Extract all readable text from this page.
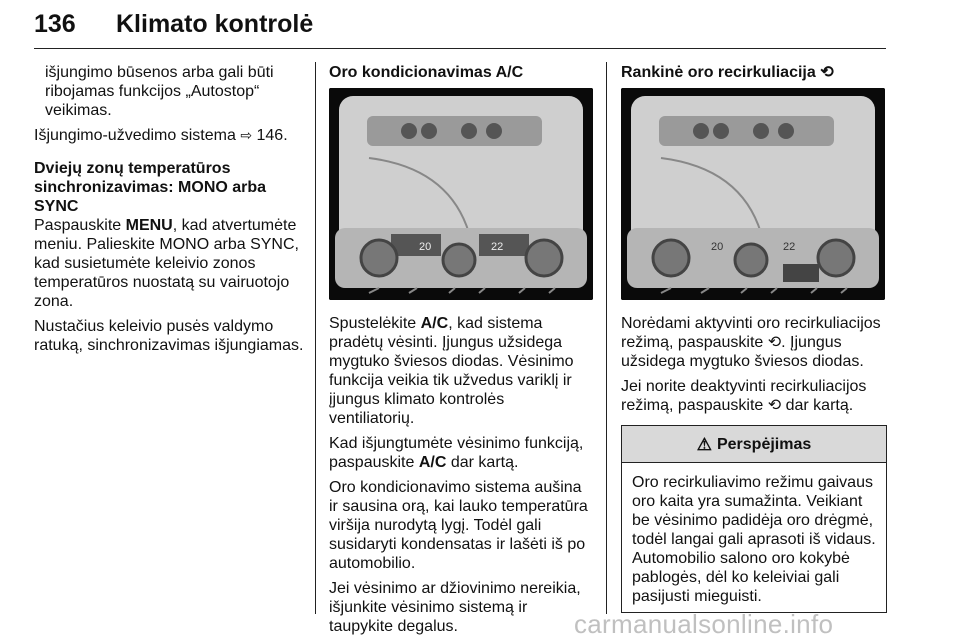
136 Klimato kontrolė

išjungimo būsenos arba gali būti ribojamas funkcijos „Autostop“ veikimas.

Išjungimo-užvedimo sistema ⇨ 146.

Dviejų zonų temperatūros sinchronizavimas: MONO arba SYNC

Paspauskite MENU, kad atvertumėte meniu. Palieskite MONO arba SYNC, kad susietumėte keleivio zonos temperatūros nuostatą su vairuotojo zona.

Nustačius keleivio pusės valdymo ratuką, sinchronizavimas išjungiamas.

Oro kondicionavimas A/C

20	22

Spustelėkite A/C, kad sistema pradėtų vėsinti. Įjungus užsidega mygtuko šviesos diodas. Vėsinimo funkcija veikia tik užvedus variklį ir įjungus klimato kontrolės ventiliatorių.

Kad išjungtumėte vėsinimo funkciją, paspauskite A/C dar kartą.

Oro kondicionavimo sistema aušina ir sausina orą, kai lauko temperatūra viršija nurodytą lygį. Todėl gali susidaryti kondensatas ir lašėti iš po automobilio.

Jei vėsinimo ar džiovinimo nereikia, išjunkite vėsinimo sistemą ir taupykite degalus.

Rankinė oro recirkuliacija ⟲

20	22

Norėdami aktyvinti oro recirkuliacijos režimą, paspauskite ⟲. Įjungus užsidega mygtuko šviesos diodas.

Jei norite deaktyvinti recirkuliacijos režimą, paspauskite ⟲ dar kartą.

⚠ Perspėjimas
Oro recirkuliavimo režimu gaivaus oro kaita yra sumažinta. Veikiant be vėsinimo padidėja oro drėgmė, todėl langai gali aprasoti iš vidaus. Automobilio salono oro kokybė pablogės, dėl ko keleiviai gali pasijusti mieguisti.
carmanualsonline.info
